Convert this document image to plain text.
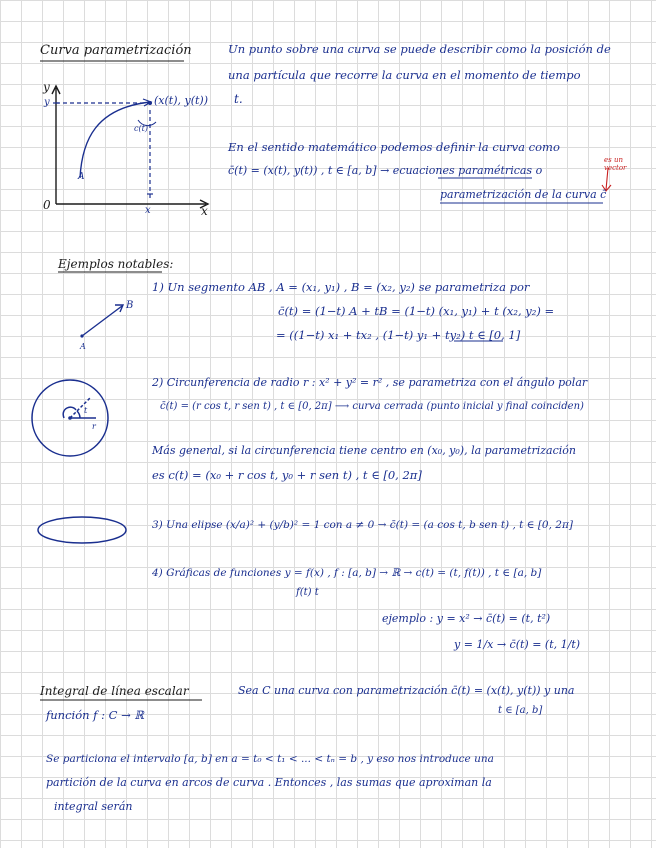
Curva parametrización	Un punto sobre una curva se puede describir como la posición de
una partícula que recorre la curva en el momento de tiempo
t.
En el sentido matemático podemos definir la curva como
c̄(t) = (x(t), y(t)) , t ∈ [a, b] → ecuaciones paramétricas o
parametrización de la curva c̄
es un vector
y
x
0
y
x
(x(t), y(t))
A
c(t)
Ejemplos notables:
1) Un segmento AB , A = (x₁, y₁) , B = (x₂, y₂) se parametriza por
c̄(t) = (1−t) A + tB = (1−t) (x₁, y₁) + t (x₂, y₂) =
= ((1−t) x₁ + tx₂ , (1−t) y₁ + ty₂) t ∈ [0, 1]
A
B
2) Circunferencia de radio r : x² + y² = r² , se parametriza con el ángulo polar
c̄(t) = (r cos t, r sen t) , t ∈ [0, 2π] ⟶ curva cerrada (punto inicial y final coinciden)
t
r
Más general, si la circunferencia tiene centro en (x₀, y₀), la parametrización
es c(t) = (x₀ + r cos t, y₀ + r sen t) , t ∈ [0, 2π]
3) Una elipse (x/a)² + (y/b)² = 1 con a ≠ 0 → c̄(t) = (a cos t, b sen t) , t ∈ [0, 2π]
4) Gráficas de funciones y = f(x) , f : [a, b] → ℝ → c(t) = (t, f(t)) , t ∈ [a, b]
f(t) t
ejemplo : y = x² → c̄(t) = (t, t²)
y = 1/x → c̄(t) = (t, 1/t)
Integral de línea escalar	Sea C una curva con parametrización c̄(t) = (x(t), y(t)) y una
t ∈ [a, b]
función f : C → ℝ
Se particiona el intervalo [a, b] en a = t₀ < t₁ < ... < tₙ = b , y eso nos introduce una
partición de la curva en arcos de curva . Entonces , las sumas que aproximan la
integral serán
